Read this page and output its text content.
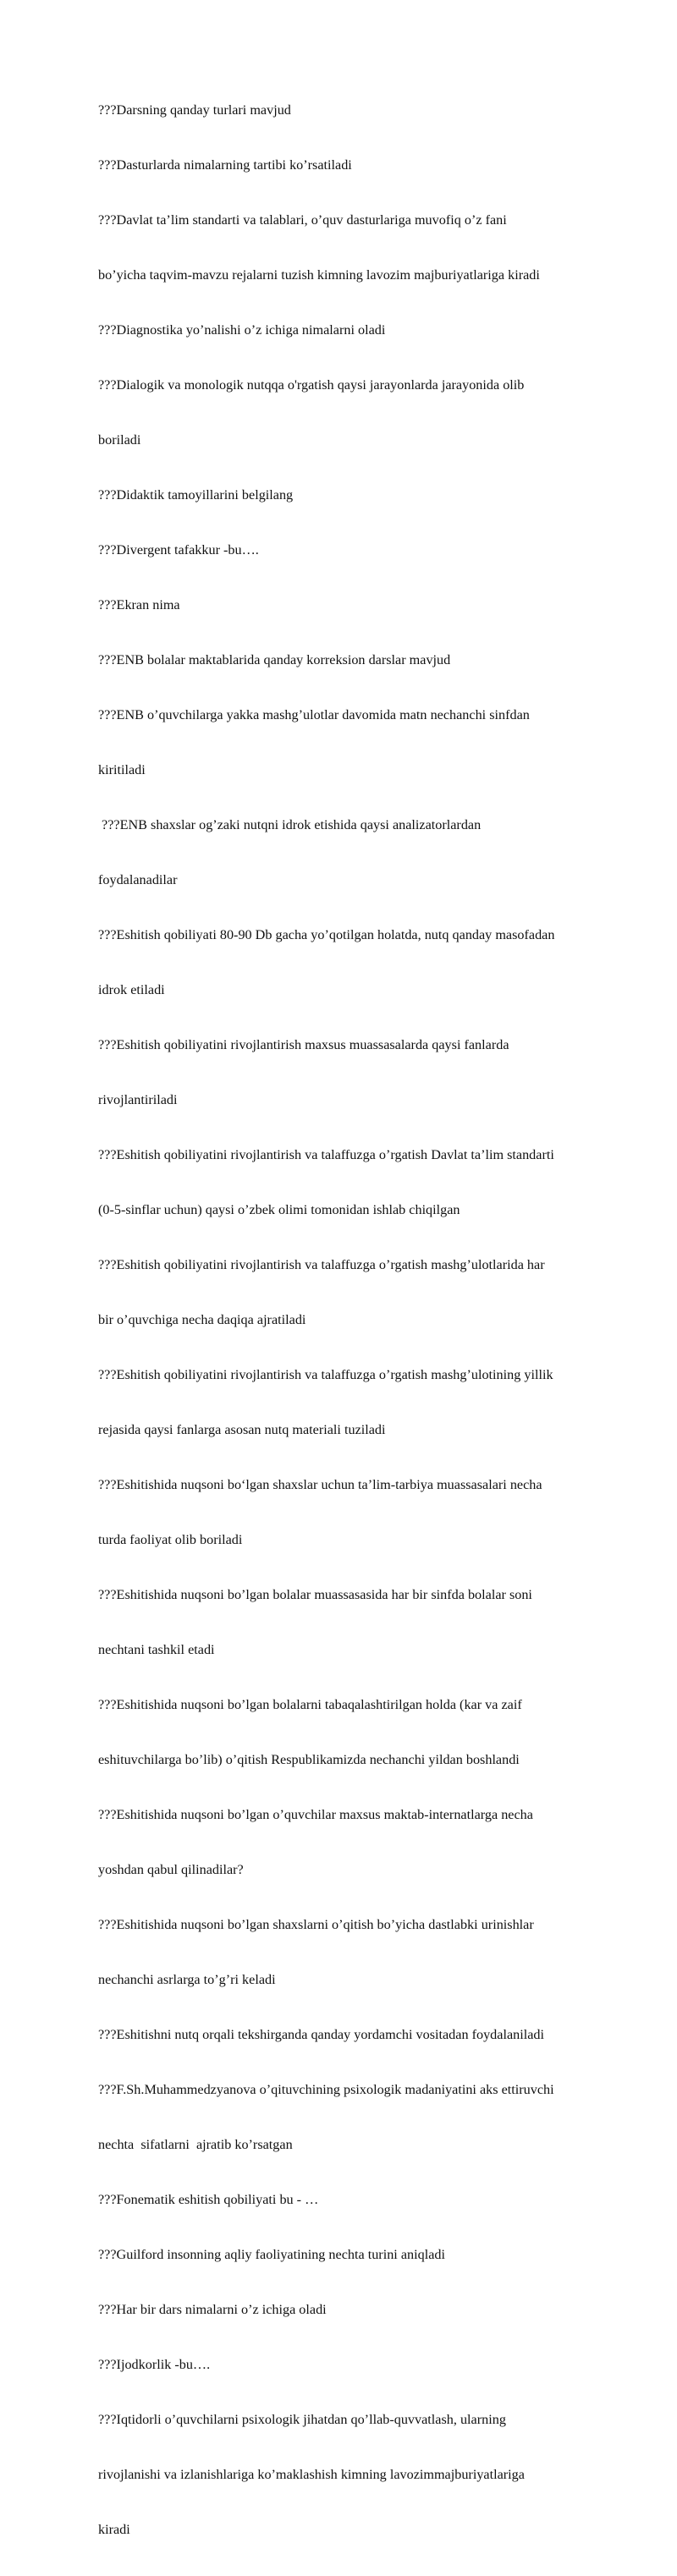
???Darsning qanday turlari mavjud

???Dasturlarda nimalarning tartibi ko’rsatiladi

???Davlat ta’lim standarti va talablari, o’quv dasturlariga muvofiq o’z fani

bo’yicha taqvim-mavzu rejalarni tuzish kimning lavozim majburiyatlariga kiradi

???Diagnostika yo’nalishi o’z ichiga nimalarni oladi

???Dialogik va monologik nutqqa o'rgatish qaysi jarayonlarda jarayonida olib

boriladi

???Didaktik tamoyillarini belgilang

???Divergent tafakkur -bu….

???Ekran nima

???ENB bolalar maktablarida qanday korreksion darslar mavjud

???ENB o’quvchilarga yakka mashg’ulotlar davomida matn nechanchi sinfdan

kiritiladi

???ENB shaxslar og’zaki nutqni idrok etishida qaysi analizatorlardan

foydalanadilar

???Eshitish qobiliyati 80-90 Db gacha yo’qotilgan holatda, nutq qanday masofadan

idrok etiladi

???Eshitish qobiliyatini rivojlantirish maxsus muassasalarda qaysi fanlarda

rivojlantiriladi

???Eshitish qobiliyatini rivojlantirish va talaffuzga o’rgatish Davlat ta’lim standarti

(0-5-sinflar uchun) qaysi o’zbek olimi tomonidan ishlab chiqilgan

???Eshitish qobiliyatini rivojlantirish va talaffuzga o’rgatish mashg’ulotlarida har

bir o’quvchiga necha daqiqa ajratiladi

???Eshitish qobiliyatini rivojlantirish va talaffuzga o’rgatish mashg’ulotining yillik

rejasida qaysi fanlarga asosan nutq materiali tuziladi

???Eshitishida nuqsoni bo‘lgan shaxslar uchun ta’lim-tarbiya muassasalari necha

turda faoliyat olib boriladi

???Eshitishida nuqsoni bo’lgan bolalar muassasasida har bir sinfda bolalar soni

nechtani tashkil etadi

???Eshitishida nuqsoni bo’lgan bolalarni tabaqalashtirilgan holda (kar va zaif

eshituvchilarga bo’lib) o’qitish Respublikamizda nechanchi yildan boshlandi

???Eshitishida nuqsoni bo’lgan o’quvchilar maxsus maktab-internatlarga necha

yoshdan qabul qilinadilar?

???Eshitishida nuqsoni bo’lgan shaxslarni o’qitish bo’yicha dastlabki urinishlar

nechanchi asrlarga to’g’ri keladi

???Eshitishni nutq orqali tekshirganda qanday yordamchi vositadan foydalaniladi

???F.Sh.Muhammedzyanova o’qituvchining psixologik madaniyatini aks ettiruvchi

nechta  sifatlarni  ajratib ko’rsatgan

???Fonematik eshitish qobiliyati bu - …

???Guilford insonning aqliy faoliyatining nechta turini aniqladi

???Har bir dars nimalarni o’z ichiga oladi

???Ijodkorlik -bu….

???Iqtidorli o’quvchilarni psixologik jihatdan qo’llab-quvvatlash, ularning

rivojlanishi va izlanishlariga ko’maklashish kimning lavozimmajburiyatlariga

kiradi
